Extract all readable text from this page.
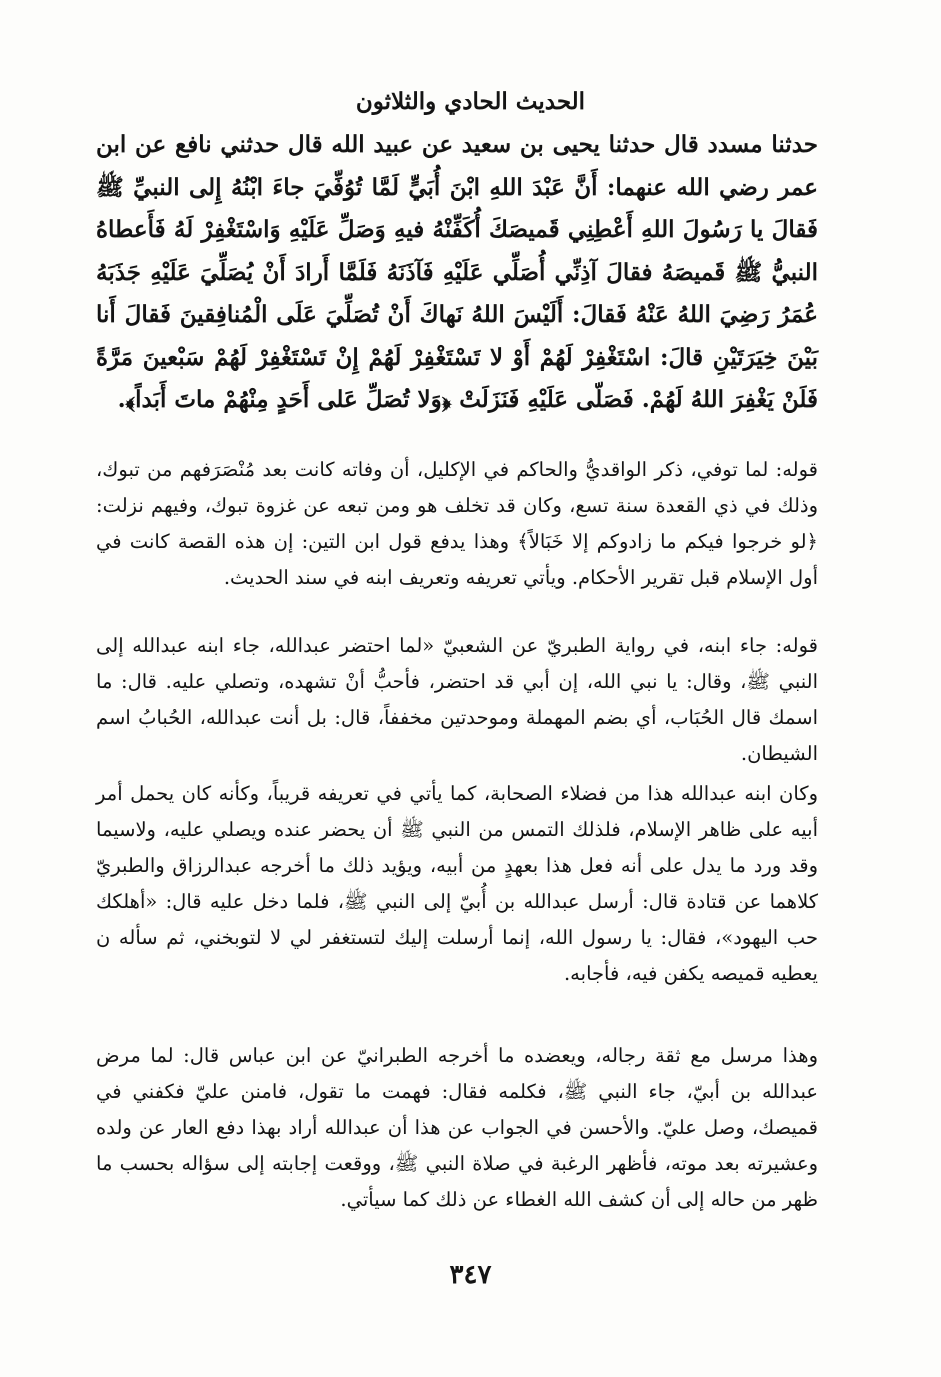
الحديث الحادي والثلاثون

حدثنا مسدد قال حدثنا يحيى بن سعيد عن عبيد الله قال حدثني نافع عن ابن عمر رضي الله عنهما: أَنَّ عَبْدَ اللهِ ابْنَ أُبَيٍّ لَمَّا تُوُفِّيَ جاءَ ابْنُهُ إِلى النبيِّ ﷺ فَقالَ يا رَسُولَ اللهِ أَعْطِنِي قَميصَكَ أُكَفِّنْهُ فيهِ وَصَلِّ عَلَيْهِ وَاسْتَغْفِرْ لَهُ فَأَعطاهُ النبيُّ ﷺ قَميصَهُ فقالَ آذِنِّي أُصَلِّي عَلَيْهِ فَآذَنَهُ فَلَمَّا أَرادَ أَنْ يُصَلِّيَ عَلَيْهِ جَذَبَهُ عُمَرُ رَضِيَ اللهُ عَنْهُ فَقالَ: أَلَيْسَ اللهُ نَهاكَ أَنْ تُصَلِّيَ عَلَى الْمُنافِقينَ فَقالَ أَنا بَيْنَ خِيَرَتَيْنِ قالَ: اسْتَغْفِرْ لَهُمْ أَوْ لا تَسْتَغْفِرْ لَهُمْ إِنْ تَسْتَغْفِرْ لَهُمْ سَبْعينَ مَرَّةً فَلَنْ يَغْفِرَ اللهُ لَهُمْ. فَصَلّى عَلَيْهِ فَنَزَلَتْ ﴿وَلا تُصَلِّ عَلى أَحَدٍ مِنْهُمْ ماتَ أَبَداً﴾.

قوله: لما توفي، ذكر الواقديُّ والحاكم في الإكليل، أن وفاته كانت بعد مُنْصَرَفهم من تبوك، وذلك في ذي القعدة سنة تسع، وكان قد تخلف هو ومن تبعه عن غزوة تبوك، وفيهم نزلت: ﴿لو خرجوا فيكم ما زادوكم إلا خَبَالاً﴾ وهذا يدفع قول ابن التين: إن هذه القصة كانت في أول الإسلام قبل تقرير الأحكام. ويأتي تعريفه وتعريف ابنه في سند الحديث.

قوله: جاء ابنه، في رواية الطبريّ عن الشعبيّ «لما احتضر عبدالله، جاء ابنه عبدالله إلى النبي ﷺ، وقال: يا نبي الله، إن أبي قد احتضر، فأحبُّ أنْ تشهده، وتصلي عليه. قال: ما اسمك قال الحُبَاب، أي بضم المهملة وموحدتين مخففاً، قال: بل أنت عبدالله، الحُبابُ اسم الشيطان.

وكان ابنه عبدالله هذا من فضلاء الصحابة، كما يأتي في تعريفه قريباً، وكأنه كان يحمل أمر أبيه على ظاهر الإسلام، فلذلك التمس من النبي ﷺ أن يحضر عنده ويصلي عليه، ولاسيما وقد ورد ما يدل على أنه فعل هذا بعهدٍ من أبيه، ويؤيد ذلك ما أخرجه عبدالرزاق والطبريّ كلاهما عن قتادة قال: أرسل عبدالله بن أُبيّ إلى النبي ﷺ، فلما دخل عليه قال: «أهلكك حب اليهود»، فقال: يا رسول الله، إنما أرسلت إليك لتستغفر لي لا لتوبخني، ثم سأله ن يعطيه قميصه يكفن فيه، فأجابه.

وهذا مرسل مع ثقة رجاله، ويعضده ما أخرجه الطبرانيّ عن ابن عباس قال: لما مرض عبدالله بن أبيّ، جاء النبي ﷺ، فكلمه فقال: فهمت ما تقول، فامنن عليّ فكفني في قميصك، وصل عليّ. والأحسن في الجواب عن هذا أن عبدالله أراد بهذا دفع العار عن ولده وعشيرته بعد موته، فأظهر الرغبة في صلاة النبي ﷺ، ووقعت إجابته إلى سؤاله بحسب ما ظهر من حاله إلى أن كشف الله الغطاء عن ذلك كما سيأتي.

٣٤٧
